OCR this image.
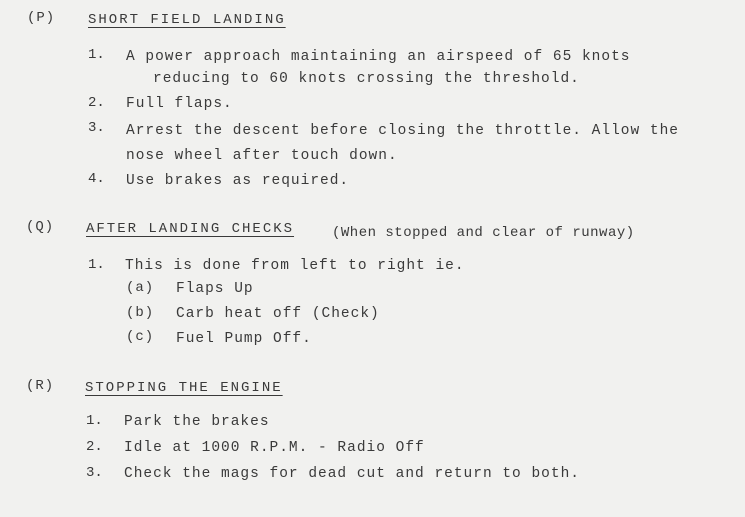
(P) SHORT FIELD LANDING
1. A power approach maintaining an airspeed of 65 knots
reducing to 60 knots crossing the threshold.
2. Full flaps.
3. Arrest the descent before closing the throttle. Allow the
nose wheel after touch down.
4. Use brakes as required.
(Q) AFTER LANDING CHECKS	(When stopped and clear of runway)
1. This is done from left to right ie.
(a) Flaps Up
(b) Carb heat off (Check)
(c) Fuel Pump Off.
(R) STOPPING THE ENGINE
1. Park the brakes
2. Idle at 1000 R.P.M. - Radio Off
3. Check the mags for dead cut and return to both.
